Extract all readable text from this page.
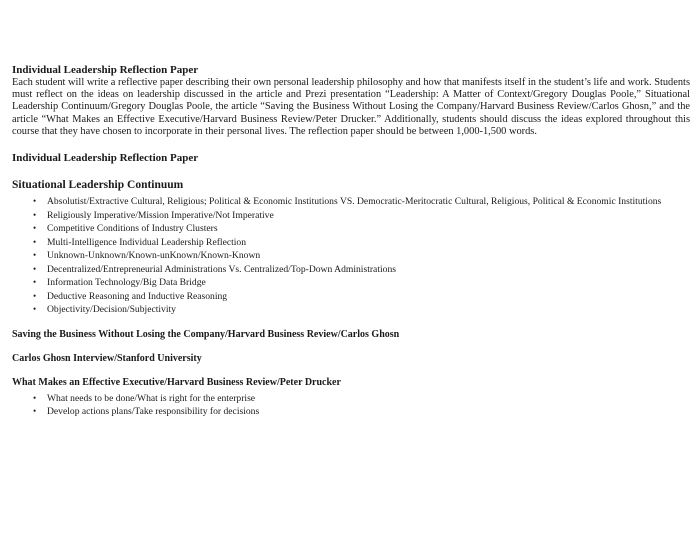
Individual Leadership Reflection Paper

Each student will write a reflective paper describing their own personal leadership philosophy and how that manifests itself in the student’s life and work. Students must reflect on the ideas on leadership discussed in the article and Prezi presentation “Leadership: A Matter of Context/Gregory Douglas Poole,” Situational Leadership Continuum/Gregory Douglas Poole, the article “Saving the Business Without Losing the Company/Harvard Business Review/Carlos Ghosn,” and the article “What Makes an Effective Executive/Harvard Business Review/Peter Drucker.” Additionally, students should discuss the ideas explored throughout this course that they have chosen to incorporate in their personal lives. The reflection paper should be between 1,000-1,500 words.

Individual Leadership Reflection Paper

Situational Leadership Continuum

• Absolutist/Extractive Cultural, Religious; Political & Economic Institutions VS. Democratic-Meritocratic Cultural, Religious, Political & Economic Institutions
• Religiously Imperative/Mission Imperative/Not Imperative
• Competitive Conditions of Industry Clusters
• Multi-Intelligence Individual Leadership Reflection
• Unknown-Unknown/Known-unKnown/Known-Known
• Decentralized/Entrepreneurial Administrations Vs. Centralized/Top-Down Administrations
• Information Technology/Big Data Bridge
• Deductive Reasoning and Inductive Reasoning
• Objectivity/Decision/Subjectivity

Saving the Business Without Losing the Company/Harvard Business Review/Carlos Ghosn

Carlos Ghosn Interview/Stanford University

What Makes an Effective Executive/Harvard Business Review/Peter Drucker

• What needs to be done/What is right for the enterprise
• Develop actions plans/Take responsibility for decisions
